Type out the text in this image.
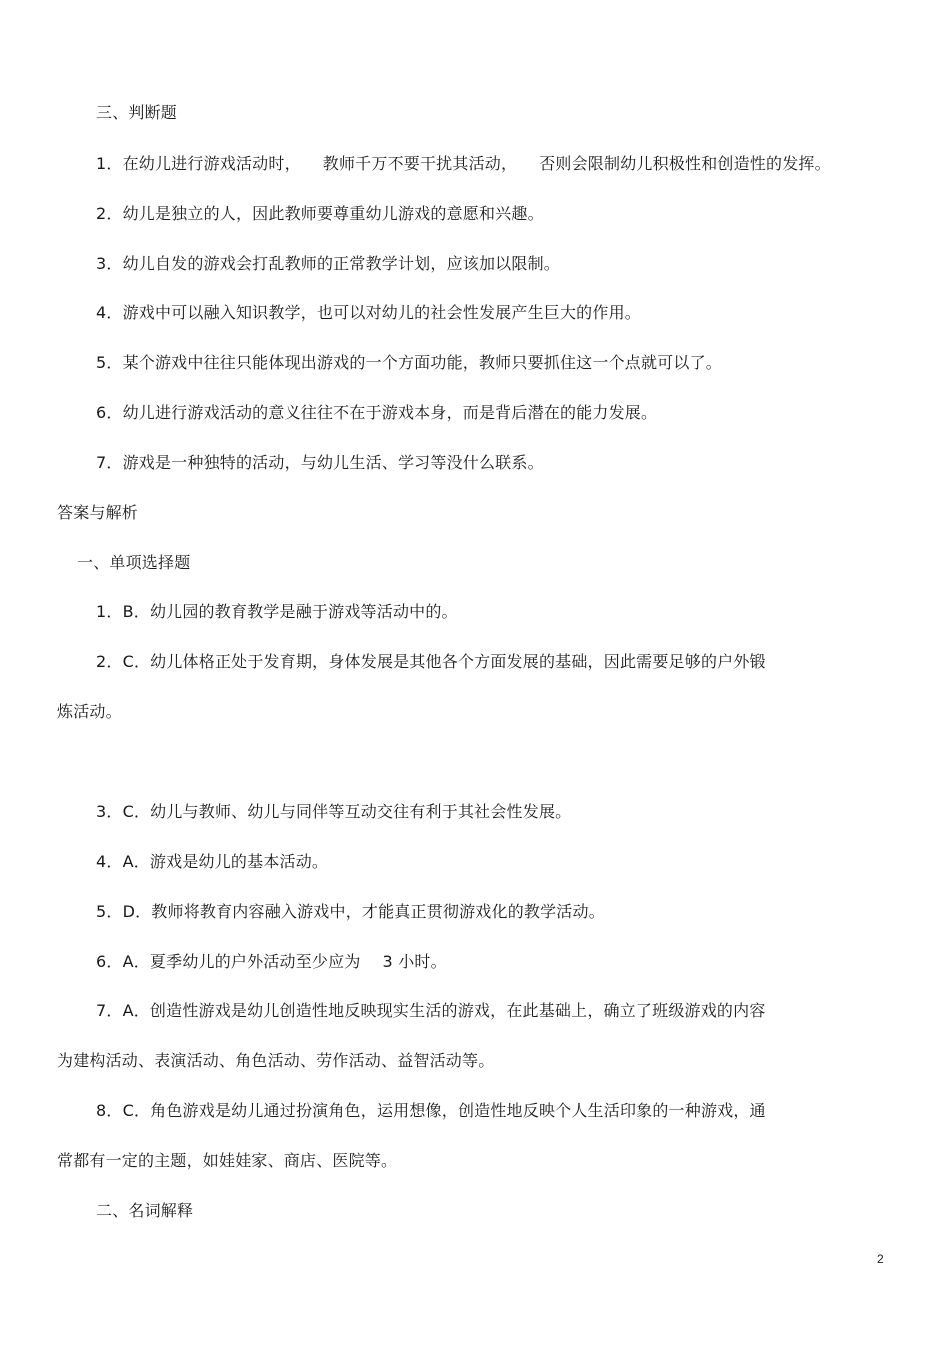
三、判断题
1．在幼儿进行游戏活动时， 教师千万不要干扰其活动， 否则会限制幼儿积极性和创造性的发挥。
2．幼儿是独立的人，因此教师要尊重幼儿游戏的意愿和兴趣。
3．幼儿自发的游戏会打乱教师的正常教学计划，应该加以限制。
4．游戏中可以融入知识教学，也可以对幼儿的社会性发展产生巨大的作用。
5．某个游戏中往往只能体现出游戏的一个方面功能，教师只要抓住这一个点就可以了。
6．幼儿进行游戏活动的意义往往不在于游戏本身，而是背后潜在的能力发展。
7．游戏是一种独特的活动，与幼儿生活、学习等没什么联系。
答案与解析
一、单项选择题
1．B．幼儿园的教育教学是融于游戏等活动中的。
2．C．幼儿体格正处于发育期，身体发展是其他各个方面发展的基础，因此需要足够的户外锻
炼活动。
3．C．幼儿与教师、幼儿与同伴等互动交往有利于其社会性发展。
4．A．游戏是幼儿的基本活动。
5．D．教师将教育内容融入游戏中，才能真正贯彻游戏化的教学活动。
6．A．夏季幼儿的户外活动至少应为 3 小时。
7．A．创造性游戏是幼儿创造性地反映现实生活的游戏，在此基础上，确立了班级游戏的内容
为建构活动、表演活动、角色活动、劳作活动、益智活动等。
8．C．角色游戏是幼儿通过扮演角色，运用想像，创造性地反映个人生活印象的一种游戏，通
常都有一定的主题，如娃娃家、商店、医院等。
二、名词解释
2
